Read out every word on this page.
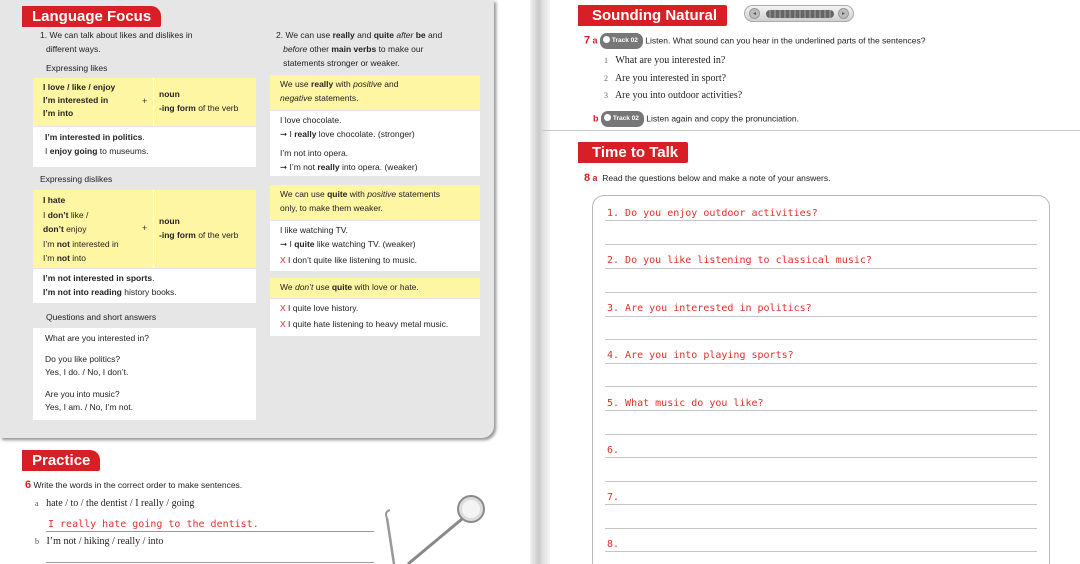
Language Focus
1. We can talk about likes and dislikes in
different ways.
Expressing likes
I love / like / enjoy
I’m interested in
I’m into
+
noun
-ing form of the verb
I’m interested in politics.
I enjoy going to museums.
Expressing dislikes
I hate
I don’t like /
don’t enjoy
I’m not interested in
I’m not into
+
noun
-ing form of the verb
I’m not interested in sports.
I’m not into reading history books.
Questions and short answers
What are you interested in?
Do you like politics?
Yes, I do. / No, I don’t.
Are you into music?
Yes, I am. / No, I’m not.
2. We can use really and quite after be and
before other main verbs to make our
statements stronger or weaker.
We use really with positive and
negative statements.
I love chocolate.
➞ I really love chocolate. (stronger)
I’m not into opera.
➞ I’m not really into opera. (weaker)
We can use quite with positive statements
only, to make them weaker.
I like watching TV.
➞ I quite like watching TV. (weaker)
X I don’t quite like listening to music.
We don’t use quite with love or hate.
X I quite love history.
X I quite hate listening to heavy metal music.
Practice
6 Write the words in the correct order to make sentences.
a hate / to / the dentist / I really / going
I really hate going to the dentist.
b I’m not / hiking / really / into
Sounding Natural	◂	▸
7 a Track 02 Listen. What sound can you hear in the underlined parts of the sentences?
1 What are you interested in?
2 Are you interested in sport?
3 Are you into outdoor activities?
b Track 02 Listen again and copy the pronunciation.
Time to Talk
8 a Read the questions below and make a note of your answers.
1. Do you enjoy outdoor activities?
2. Do you like listening to classical music?
3. Are you interested in politics?
4. Are you into playing sports?
5. What music do you like?
6.
7.
8.
